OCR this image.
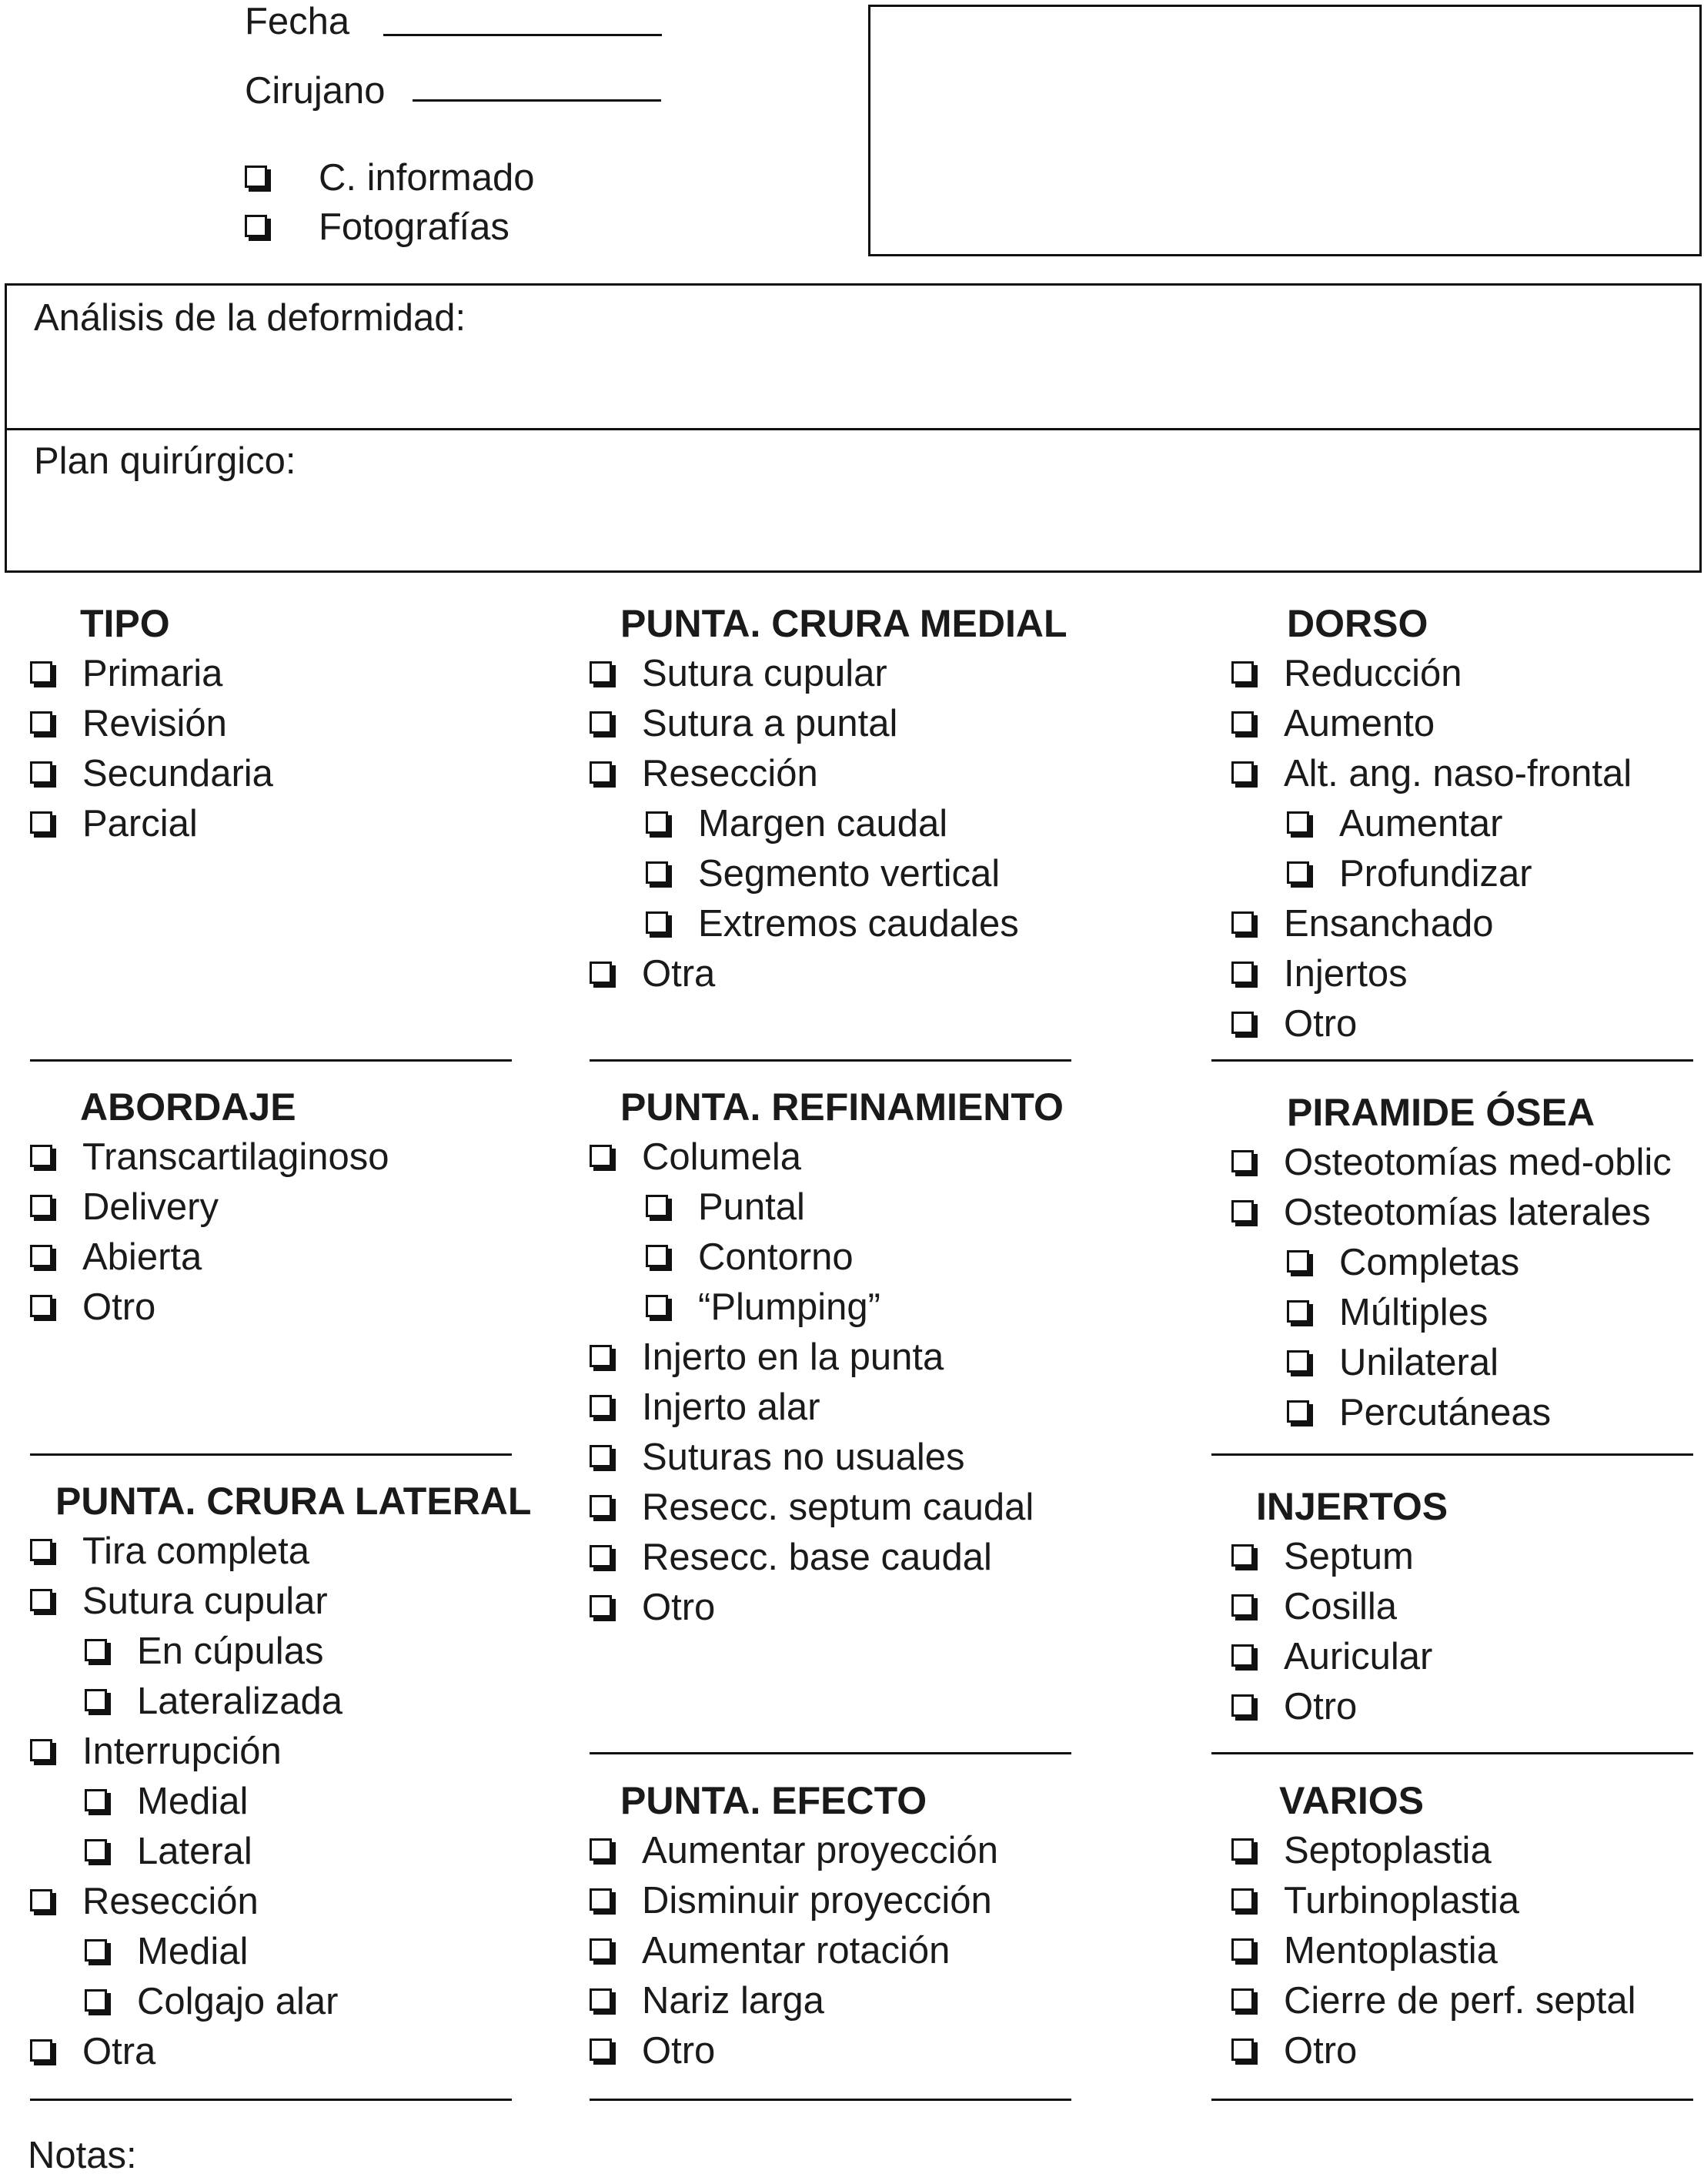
Fecha
Cirujano
C. informado
Fotografías
Análisis de la deformidad:
Plan quirúrgico:
TIPO
Primaria
Revisión
Secundaria
Parcial
ABORDAJE
Transcartilaginoso
Delivery
Abierta
Otro
PUNTA. CRURA LATERAL
Tira completa
Sutura cupular
En cúpulas
Lateralizada
Interrupción
Medial
Lateral
Resección
Medial
Colgajo alar
Otra
PUNTA. CRURA MEDIAL
Sutura cupular
Sutura a puntal
Resección
Margen caudal
Segmento vertical
Extremos caudales
Otra
PUNTA. REFINAMIENTO
Columela
Puntal
Contorno
“Plumping”
Injerto en la punta
Injerto alar
Suturas no usuales
Resecc. septum caudal
Resecc. base caudal
Otro
PUNTA. EFECTO
Aumentar proyección
Disminuir proyección
Aumentar rotación
Nariz larga
Otro
DORSO
Reducción
Aumento
Alt. ang. naso-frontal
Aumentar
Profundizar
Ensanchado
Injertos
Otro
PIRAMIDE ÓSEA
Osteotomías med-oblic
Osteotomías laterales
Completas
Múltiples
Unilateral
Percutáneas
INJERTOS
Septum
Cosilla
Auricular
Otro
VARIOS
Septoplastia
Turbinoplastia
Mentoplastia
Cierre de perf. septal
Otro
Notas:
